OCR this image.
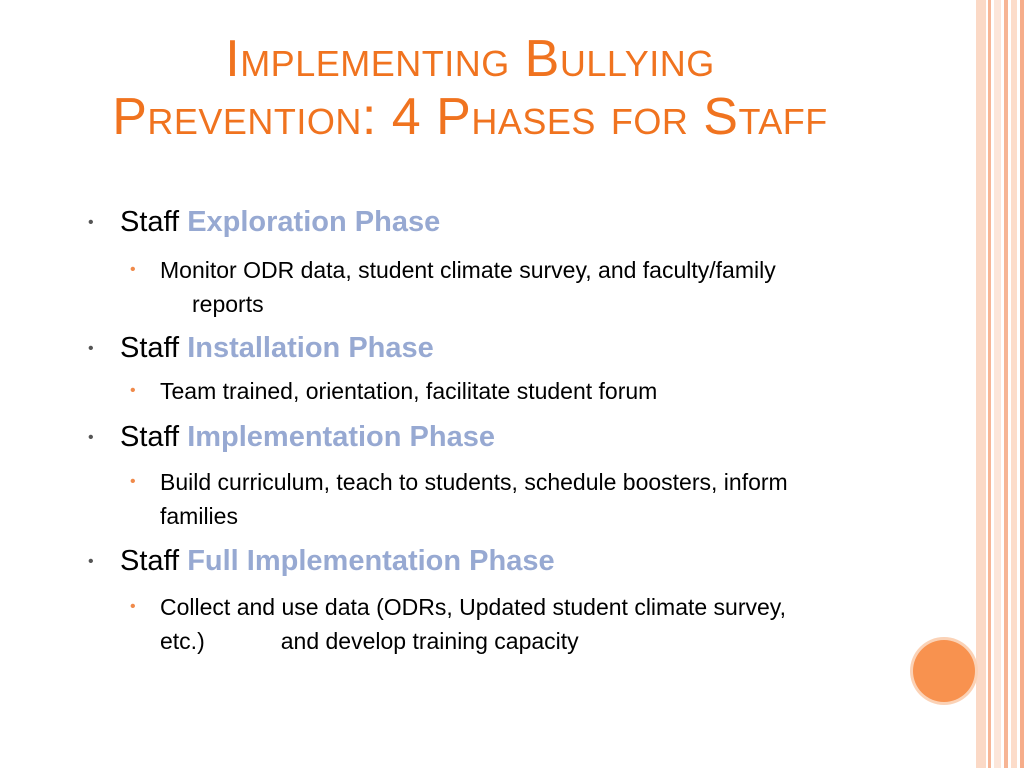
Implementing Bullying
Prevention: 4 Phases for Staff
• Staff Exploration Phase
• Monitor ODR data, student climate survey, and faculty/family
reports
• Staff Installation Phase
• Team trained, orientation, facilitate student forum
• Staff Implementation Phase
• Build curriculum, teach to students, schedule boosters, inform
families
• Staff Full Implementation Phase
• Collect and use data (ODRs, Updated student climate survey,
etc.)	and develop training capacity
